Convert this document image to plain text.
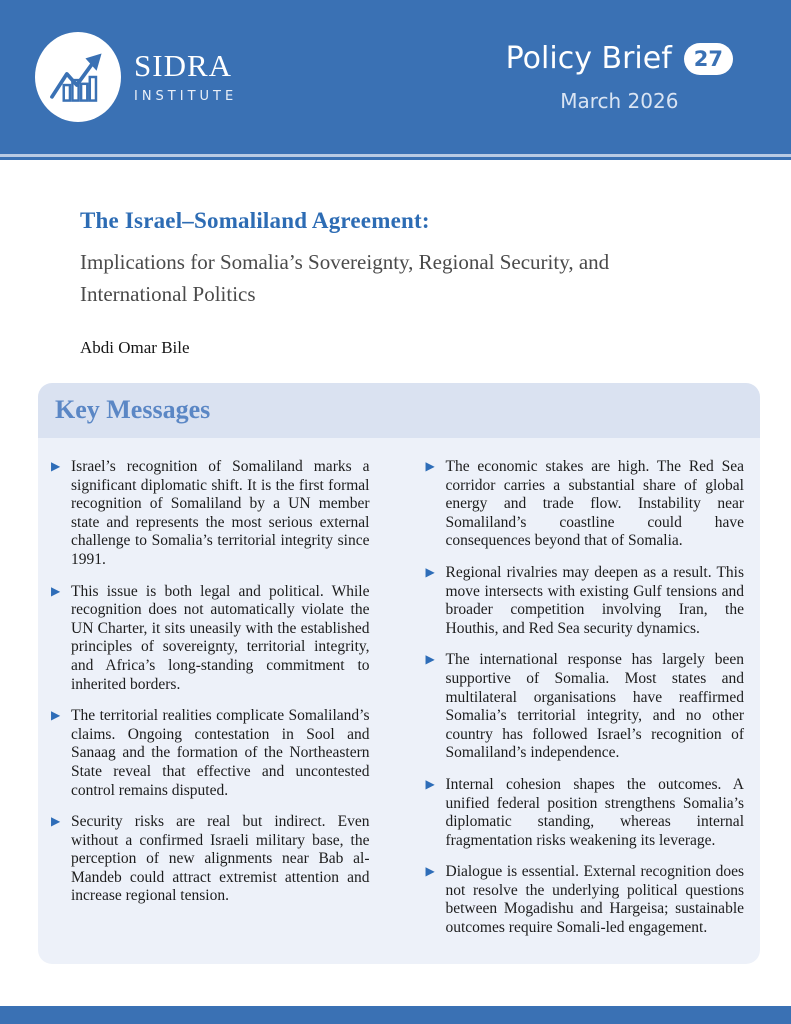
SIDRA
INSTITUTE
Policy Brief	27
March 2026
The Israel–Somaliland Agreement:
Implications for Somalia’s Sovereignty, Regional Security, and International Politics
Abdi Omar Bile
Key Messages
▶ Israel’s recognition of Somaliland marks a significant diplomatic shift. It is the first formal recognition of Somaliland by a UN member state and represents the most serious external challenge to Somalia’s territorial integrity since 1991.
▶ This issue is both legal and political. While recognition does not automatically violate the UN Charter, it sits uneasily with the established principles of sovereignty, territorial integrity, and Africa’s long-standing commitment to inherited borders.
▶ The territorial realities complicate Somaliland’s claims. Ongoing contestation in Sool and Sanaag and the formation of the Northeastern State reveal that effective and uncontested control remains disputed.
▶ Security risks are real but indirect. Even without a confirmed Israeli military base, the perception of new alignments near Bab al-Mandeb could attract extremist attention and increase regional tension.
▶ The economic stakes are high. The Red Sea corridor carries a substantial share of global energy and trade flow. Instability near Somaliland’s coastline could have consequences beyond that of Somalia.
▶ Regional rivalries may deepen as a result. This move intersects with existing Gulf tensions and broader competition involving Iran, the Houthis, and Red Sea security dynamics.
▶ The international response has largely been supportive of Somalia. Most states and multilateral organisations have reaffirmed Somalia’s territorial integrity, and no other country has followed Israel’s recognition of Somaliland’s independence.
▶ Internal cohesion shapes the outcomes. A unified federal position strengthens Somalia’s diplomatic standing, whereas internal fragmentation risks weakening its leverage.
▶ Dialogue is essential. External recognition does not resolve the underlying political questions between Mogadishu and Hargeisa; sustainable outcomes require Somali-led engagement.
